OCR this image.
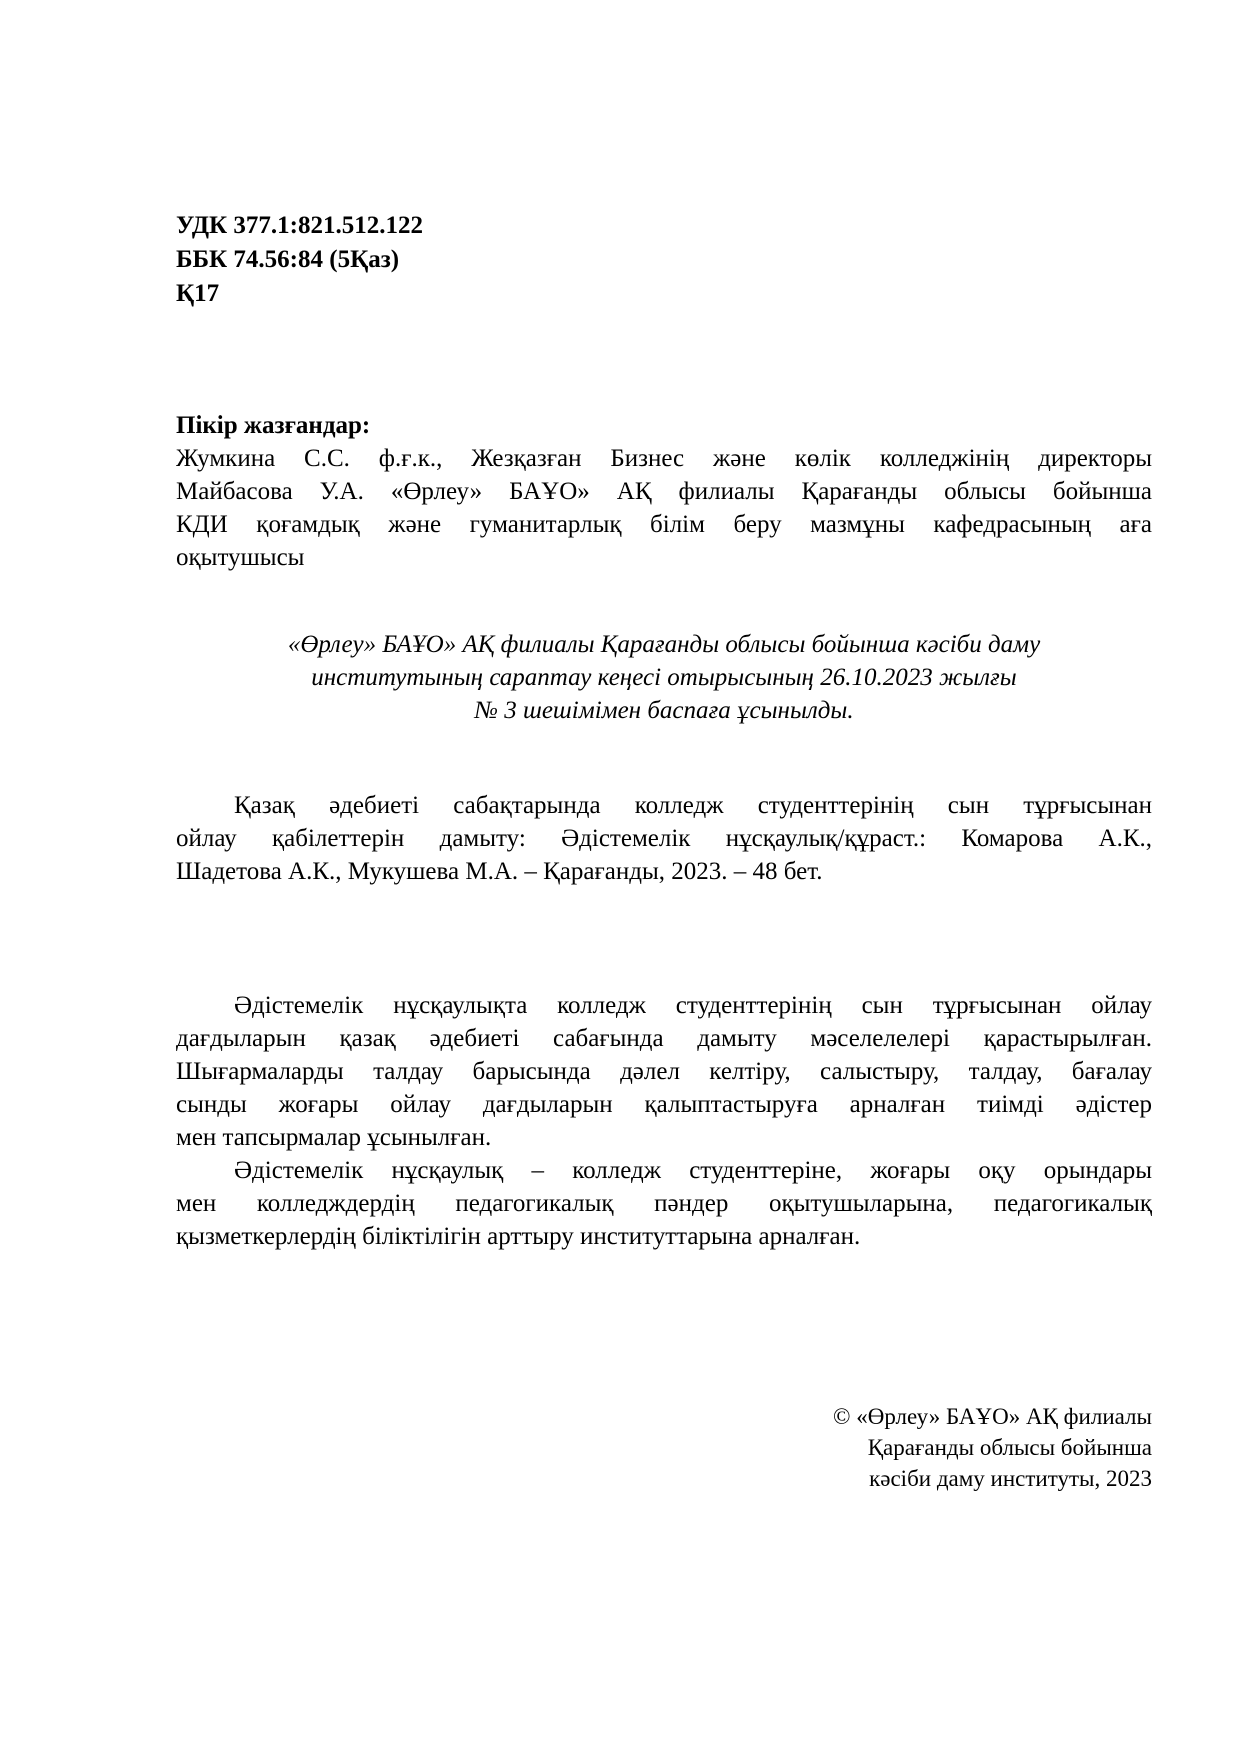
УДК 377.1:821.512.122
ББК 74.56:84 (5Қаз)
Қ17
Пікір жазғандар:
Жумкина С.С. ф.ғ.к., Жезқазған Бизнес және көлік колледжінің директоры
Майбасова У.А. «Өрлеу» БАҰО» АҚ филиалы Қарағанды облысы бойынша
КДИ қоғамдық және гуманитарлық білім беру мазмұны кафедрасының аға
оқытушысы
«Өрлеу» БАҰО» АҚ филиалы Қарағанды облысы бойынша кәсіби даму
институтының сараптау кеңесі отырысының 26.10.2023 жылғы
№ 3 шешімімен баспаға ұсынылды.
Қазақ әдебиеті сабақтарында колледж студенттерінің сын тұрғысынан
ойлау қабілеттерін дамыту: Әдістемелік нұсқаулық/құраст.: Комарова А.К.,
Шадетова А.К., Мукушева М.А. – Қарағанды, 2023. – 48 бет.
Әдістемелік нұсқаулықта колледж студенттерінің сын тұрғысынан ойлау
дағдыларын қазақ әдебиеті сабағында дамыту мәселелелері қарастырылған.
Шығармаларды талдау барысында дәлел келтіру, салыстыру, талдау, бағалау
сынды жоғары ойлау дағдыларын қалыптастыруға арналған тиімді әдістер
мен тапсырмалар ұсынылған.
Әдістемелік нұсқаулық – колледж студенттеріне, жоғары оқу орындары
мен колледждердің педагогикалық пәндер оқытушыларына, педагогикалық
қызметкерлердің біліктілігін арттыру институттарына арналған.
© «Өрлеу» БАҰО» АҚ филиалы
Қарағанды облысы бойынша
кәсіби даму институты, 2023
